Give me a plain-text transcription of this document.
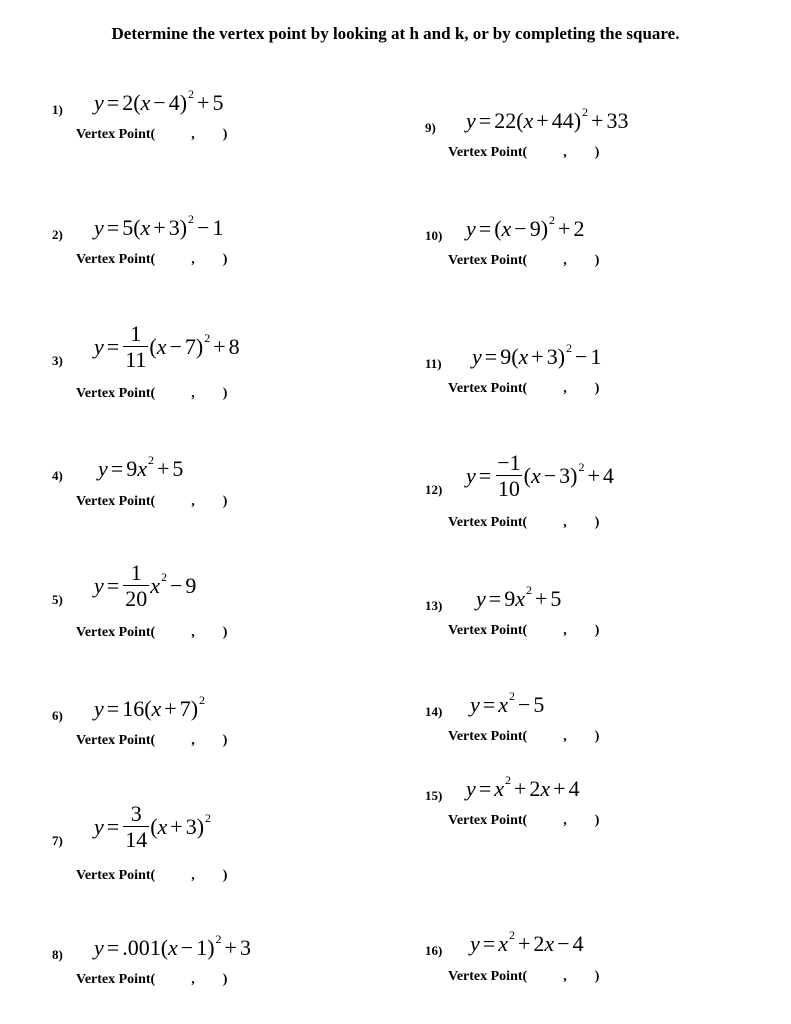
Determine the vertex point by looking at h and k, or by completing the square.
1) y = 2 ( x − 4 )$^2$ + 5
Vertex Point(	, )
2) y = 5 ( x + 3 )$^2$ − 1
Vertex Point(	, )
3)
$y = \frac{1}{11}$ ( x − 7 )$^2$ + 8
Vertex Point(	, )
4) y = 9 $x^2 + 5$
Vertex Point(	, )
5)
$y = \frac{1}{20} x^2 - 9$
Vertex Point(	, )
6) y = 16 ( x + 7 )$^2$
Vertex Point(	, )
7)
$y = \frac{3}{14}$ ( x + 3 )$^2$
Vertex Point(	, )
8) y = .001 ( x − 1 )$^2$ + 3
Vertex Point(	, )
9) y = 22 ( x + 44 )$^2$ + 33
Vertex Point(	, )
10) y = ( x − 9 )$^2$ + 2
Vertex Point(	, )
11) y = 9 ( x + 3 )$^2$ − 1
Vertex Point(	, )
12)
$y = \frac{-1}{10}$ ( x − 3 )$^2$ + 4
Vertex Point(	, )
13) y = 9 $x^2 + 5$
Vertex Point(	, )
14) $y = x^2 - 5$
Vertex Point(	, )
15) $y = x^2 + 2$ x + 4
Vertex Point(	, )
16) $y = x^2 + 2$ x − 4
Vertex Point(	, )
